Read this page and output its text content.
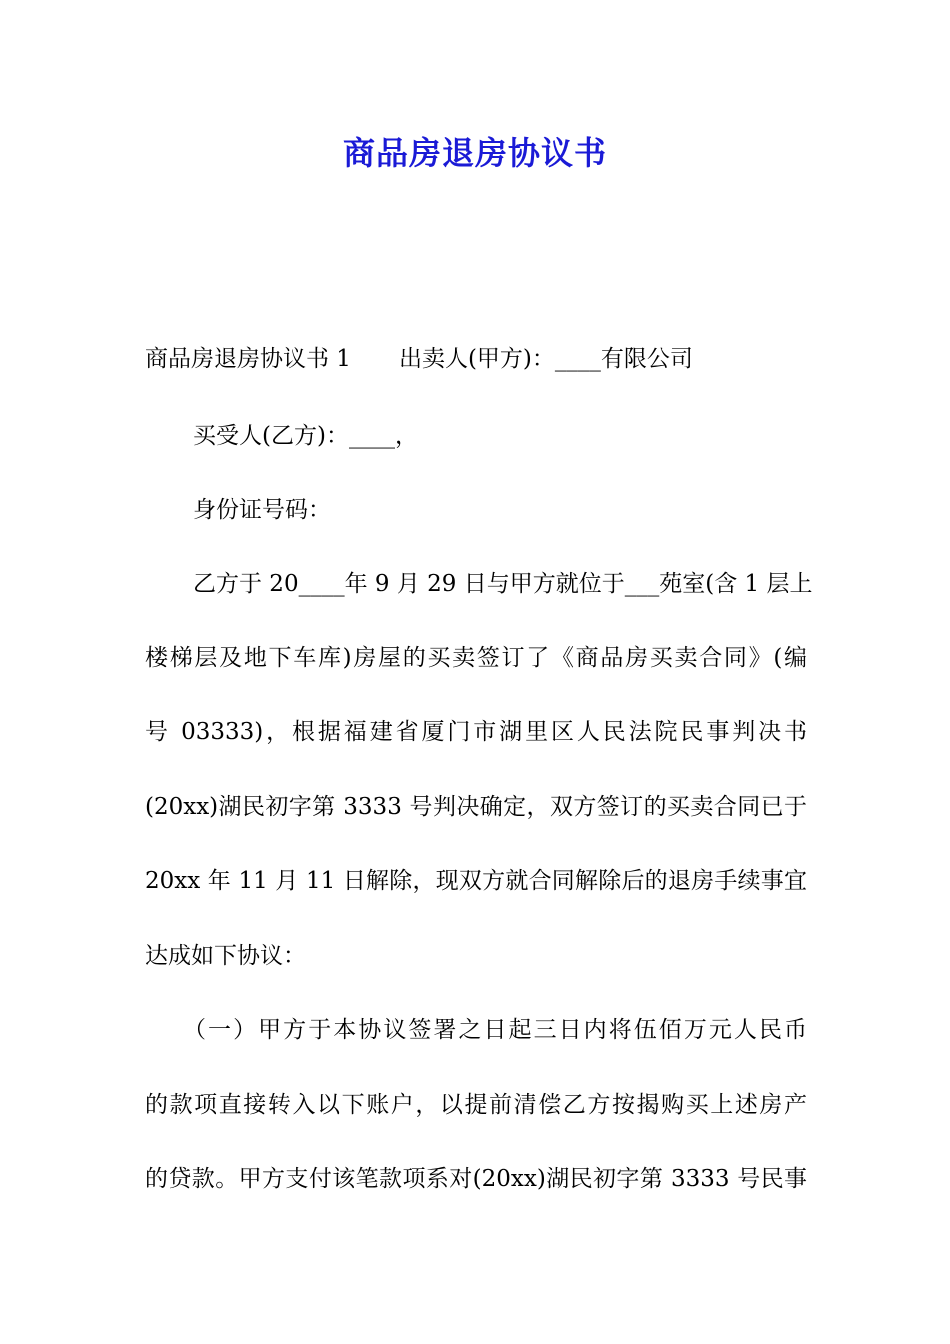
商品房退房协议书
商品房退房协议书 1 出卖人(甲方)：____有限公司
买受人(乙方)：____，
身份证号码：
乙方于 20____年 9 月 29 日与甲方就位于___苑室(含 1 层上
楼梯层及地下车库)房屋的买卖签订了《商品房买卖合同》(编
号 03333)，根据福建省厦门市湖里区人民法院民事判决书
(20xx)湖民初字第 3333 号判决确定，双方签订的买卖合同已于
20xx 年 11 月 11 日解除，现双方就合同解除后的退房手续事宜
达成如下协议：
（一）甲方于本协议签署之日起三日内将伍佰万元人民币
的款项直接转入以下账户，以提前清偿乙方按揭购买上述房产
的贷款。甲方支付该笔款项系对(20xx)湖民初字第 3333 号民事
